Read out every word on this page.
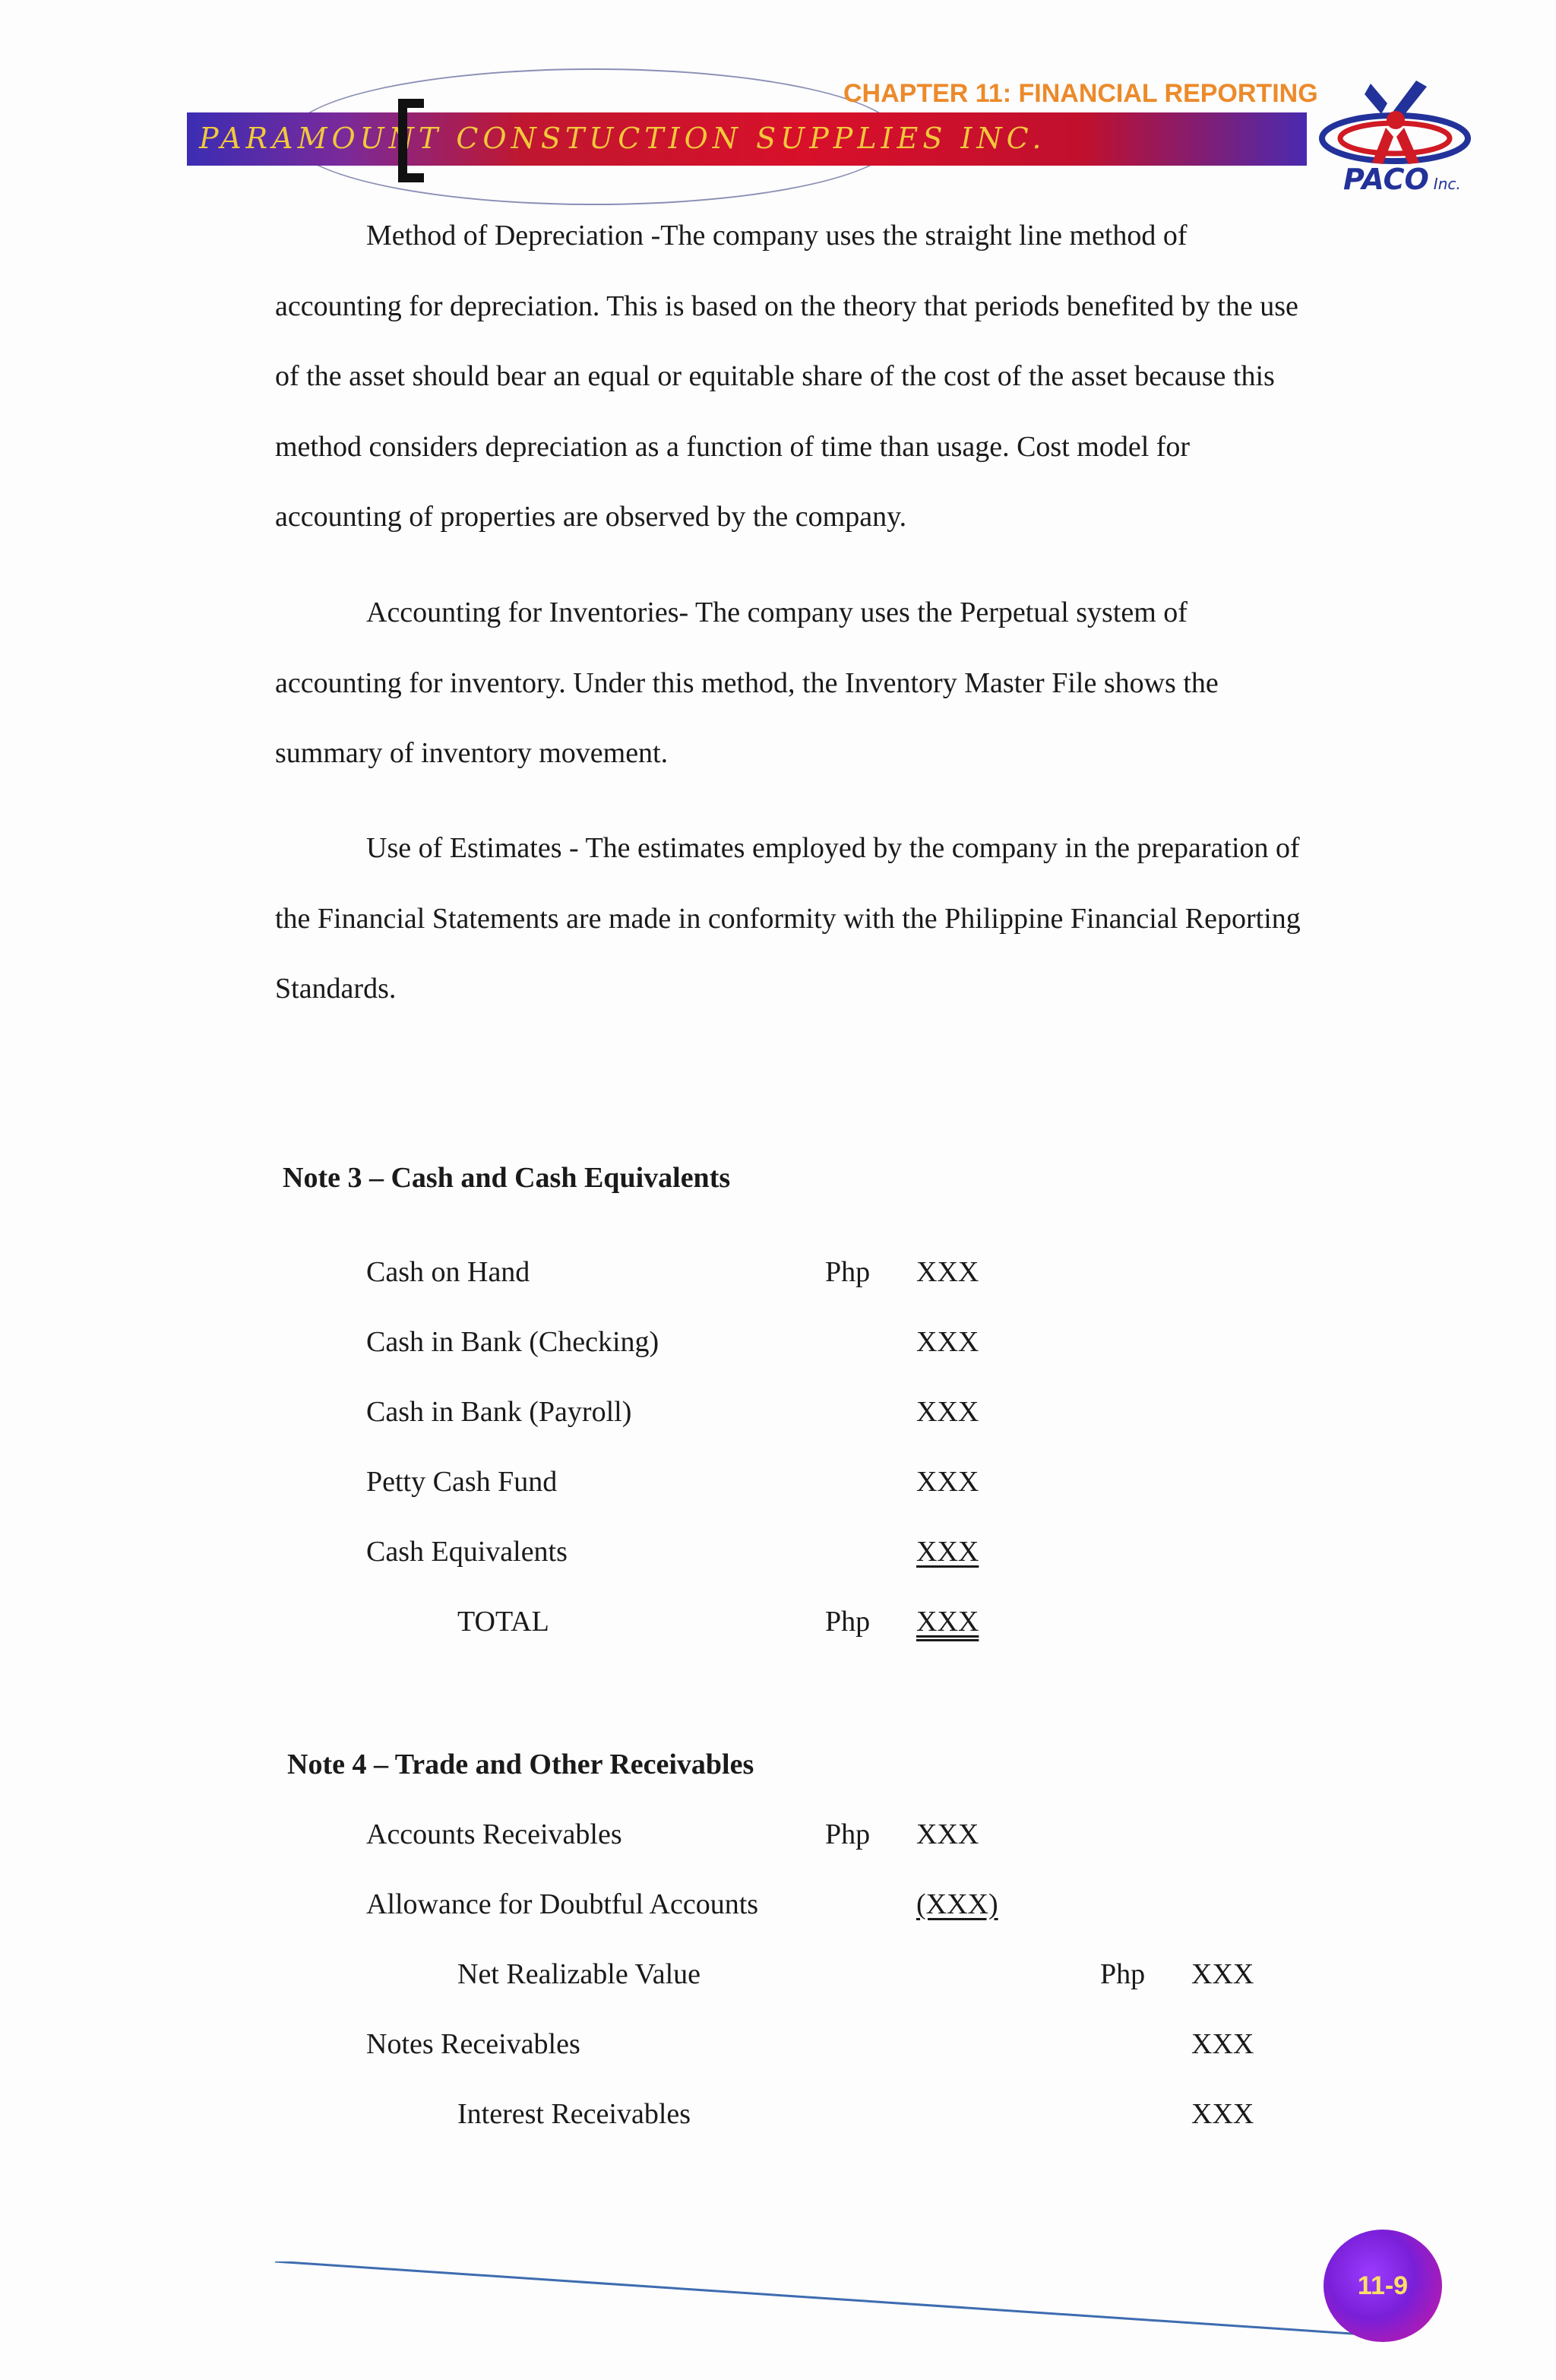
PARAMOUNT CONSTUCTION SUPPLIES INC.
CHAPTER 11: FINANCIAL REPORTING
PACO Inc.

Method of Depreciation -The company uses the straight line method of
accounting for depreciation. This is based on the theory that periods benefited by the use
of the asset should bear an equal or equitable share of the cost of the asset because this
method considers depreciation as a function of time than usage. Cost model for
accounting of properties are observed by the company.

Accounting for Inventories- The company uses the Perpetual system of
accounting for inventory. Under this method, the Inventory Master File shows the
summary of inventory movement.

Use of Estimates - The estimates employed by the company in the preparation of
the Financial Statements are made in conformity with the Philippine Financial Reporting
Standards.

Note 3 – Cash and Cash Equivalents
Cash on Hand	Php XXX
Cash in Bank (Checking)	XXX
Cash in Bank (Payroll)	XXX
Petty Cash Fund	XXX
Cash Equivalents	XXX
TOTAL	Php XXX
Note 4 – Trade and Other Receivables
Accounts Receivables	Php XXX
Allowance for Doubtful Accounts	(XXX)
Net Realizable Value	Php XXX
Notes Receivables	XXX
Interest Receivables	XXX
11-9
